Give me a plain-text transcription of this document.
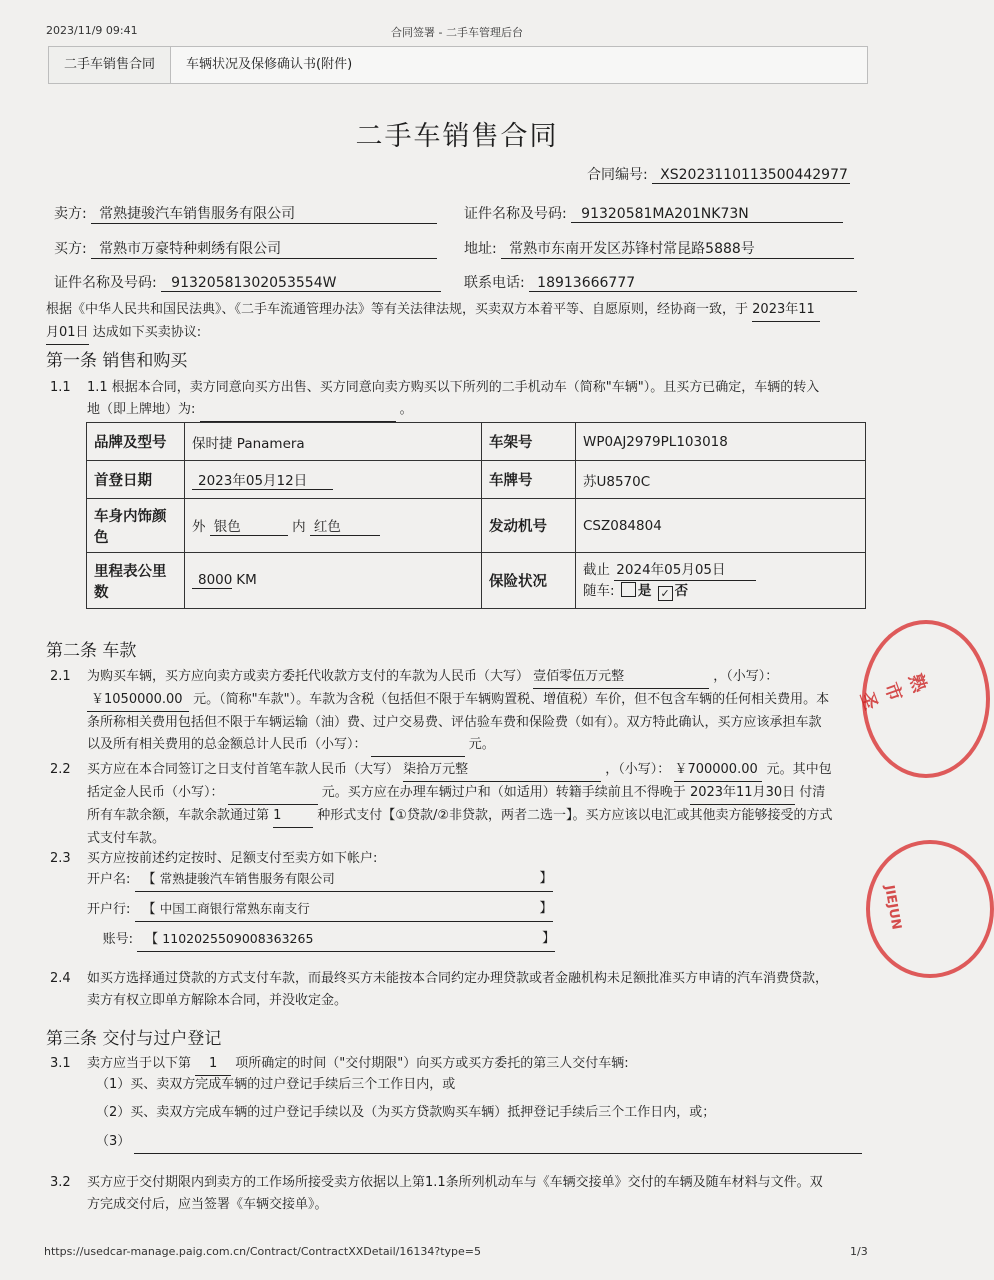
2023/11/9 09:41	合同签署 - 二手车管理后台
二手车销售合同	车辆状况及保修确认书(附件)
二手车销售合同
合同编号: XS2023110113500442977
卖方: 常熟捷骏汽车销售服务有限公司	证件名称及号码: 91320581MA201NK73N
买方: 常熟市万豪特种刺绣有限公司	地址: 常熟市东南开发区苏锋村常昆路5888号
证件名称及号码: 91320581302053554W	联系电话: 18913666777
根据《中华人民共和国民法典》、《二手车流通管理办法》等有关法律法规，买卖双方本着平等、自愿原则，经协商一致，于 2023年11
月01日 达成如下买卖协议:
第一条 销售和购买
1.1 1.1 根据本合同，卖方同意向买方出售、买方同意向卖方购买以下所列的二手机动车（简称"车辆"）。且买方已确定，车辆的转入
地（即上牌地）为:	。
品牌及型号	保时捷 Panamera	车架号	WP0AJ2979PL103018
首登日期	2023年05月12日	车牌号	苏U8570C
车身内饰颜色	外 银色 内 红色	发动机号	CSZ084804
里程表公里数	8000 KM	保险状况	截止 2024年05月05日
随车: 是 ✓ 否
第二条 车款
2.1 为购买车辆，买方应向卖方或卖方委托代收款方支付的车款为人民币（大写） 壹佰零伍万元整	，（小写）：
￥1050000.00 元。（简称"车款"）。车款为含税（包括但不限于车辆购置税、增值税）车价，但不包含车辆的任何相关费用。本
条所称相关费用包括但不限于车辆运输（油）费、过户交易费、评估验车费和保险费（如有）。双方特此确认，买方应该承担车款
以及所有相关费用的总金额总计人民币（小写）：	元。
2.2 买方应在本合同签订之日支付首笔车款人民币（大写） 柒拾万元整	，（小写）： ￥700000.00 元。其中包
括定金人民币（小写）：	元。买方应在办理车辆过户和（如适用）转籍手续前且不得晚于 2023年11月30日 付清
所有车款余额，车款余款通过第 1	种形式支付【①贷款/②非贷款，两者二选一】。买方应该以电汇或其他卖方能够接受的方式
式支付车款。
2.3 买方应按前述约定按时、足额支付至卖方如下帐户:
开户名: 【 常熟捷骏汽车销售服务有限公司	】
开户行: 【 中国工商银行常熟东南支行	】
账号: 【 1102025509008363265	】
2.4 如买方选择通过贷款的方式支付车款，而最终买方未能按本合同约定办理贷款或者金融机构未足额批准买方申请的汽车消费贷款，
卖方有权立即单方解除本合同，并没收定金。
第三条 交付与过户登记
3.1 卖方应当于以下第 1 项所确定的时间（"交付期限"）向买方或买方委托的第三人交付车辆:
（1）买、卖双方完成车辆的过户登记手续后三个工作日内，或
（2）买、卖双方完成车辆的过户登记手续以及（为买方贷款购买车辆）抵押登记手续后三个工作日内，或；
（3）
3.2 买方应于交付期限内到卖方的工作场所接受卖方依据以上第1.1条所列机动车与《车辆交接单》交付的车辆及随车材料与文件。双
方完成交付后，应当签署《车辆交接单》。
https://usedcar-manage.paig.com.cn/Contract/ContractXXDetail/16134?type=5	1/3
熟市 圣
JIEJUN
